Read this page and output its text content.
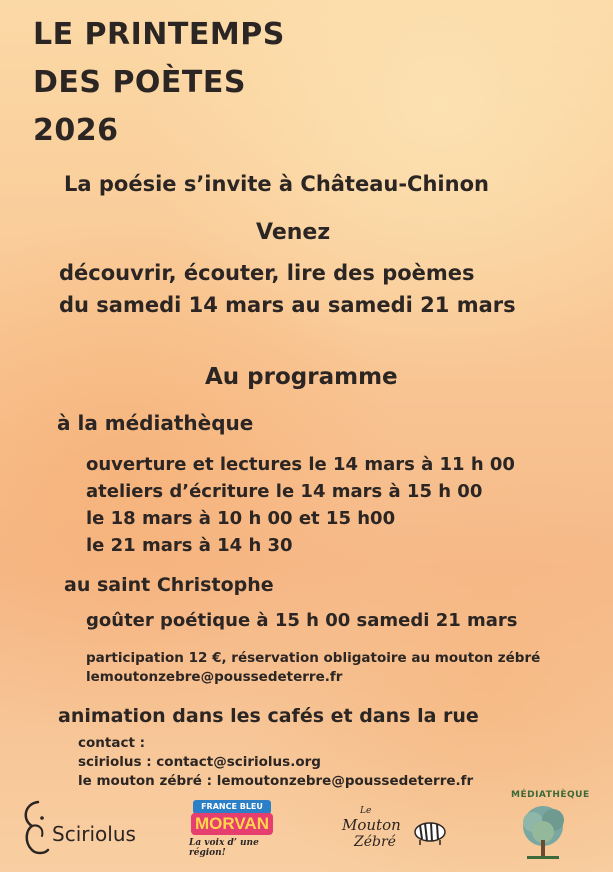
LE PRINTEMPS
DES POÈTES
2026

La poésie s’invite à Château-Chinon

Venez

découvrir, écouter, lire des poèmes

du samedi 14 mars au samedi 21 mars

Au programme

à la médiathèque

ouverture et lectures le 14 mars à 11 h 00

ateliers d’écriture le 14 mars à 15 h 00

le 18 mars à 10 h 00 et 15 h00

le 21 mars à 14 h 30

au saint Christophe

goûter poétique à 15 h 00 samedi 21 mars

participation 12 €, réservation obligatoire au mouton zébré

lemoutonzebre@poussedeterre.fr

animation dans les cafés et dans la rue

contact :

sciriolus : contact@sciriolus.org

le mouton zébré : lemoutonzebre@poussedeterre.fr

Sciriolus
FRANCE BLEU
MORVAN
La voix d’ une région!
Le
Mouton
Zébré
MÉDIATHÈQUE
